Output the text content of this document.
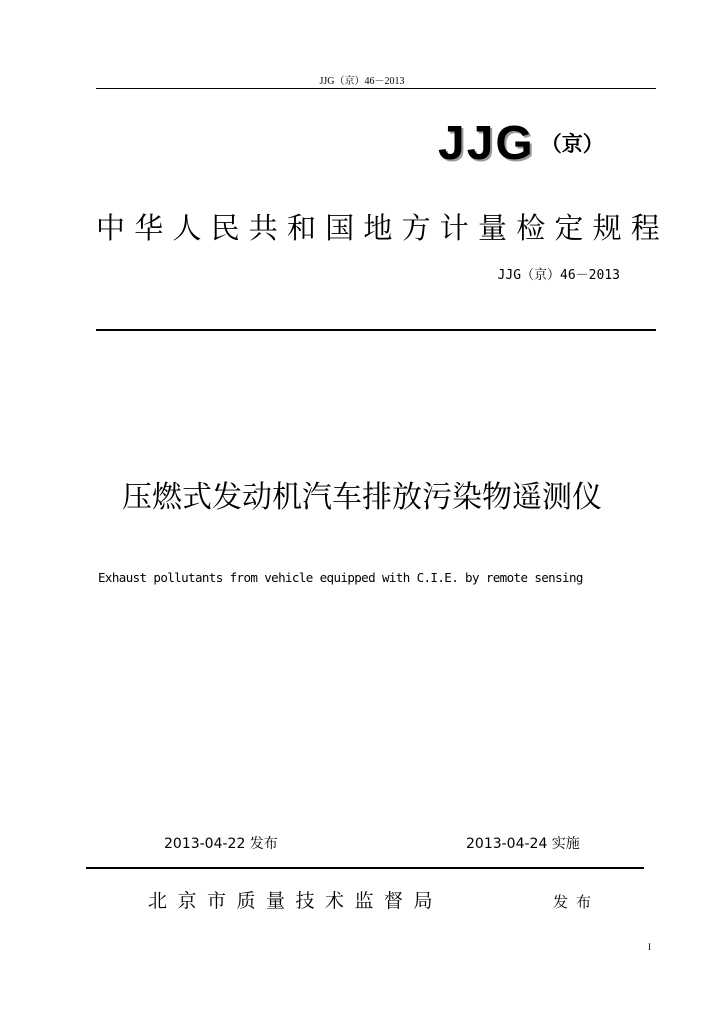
JJG（京）46－2013
JJG （京）
中华人民共和国地方计量检定规程
JJG（京）46－2013
压燃式发动机汽车排放污染物遥测仪
Exhaust pollutants from vehicle equipped with C.I.E. by remote sensing
2013-04-22 发布	2013-04-24 实施
北京市质量技术监督局	发布
I
